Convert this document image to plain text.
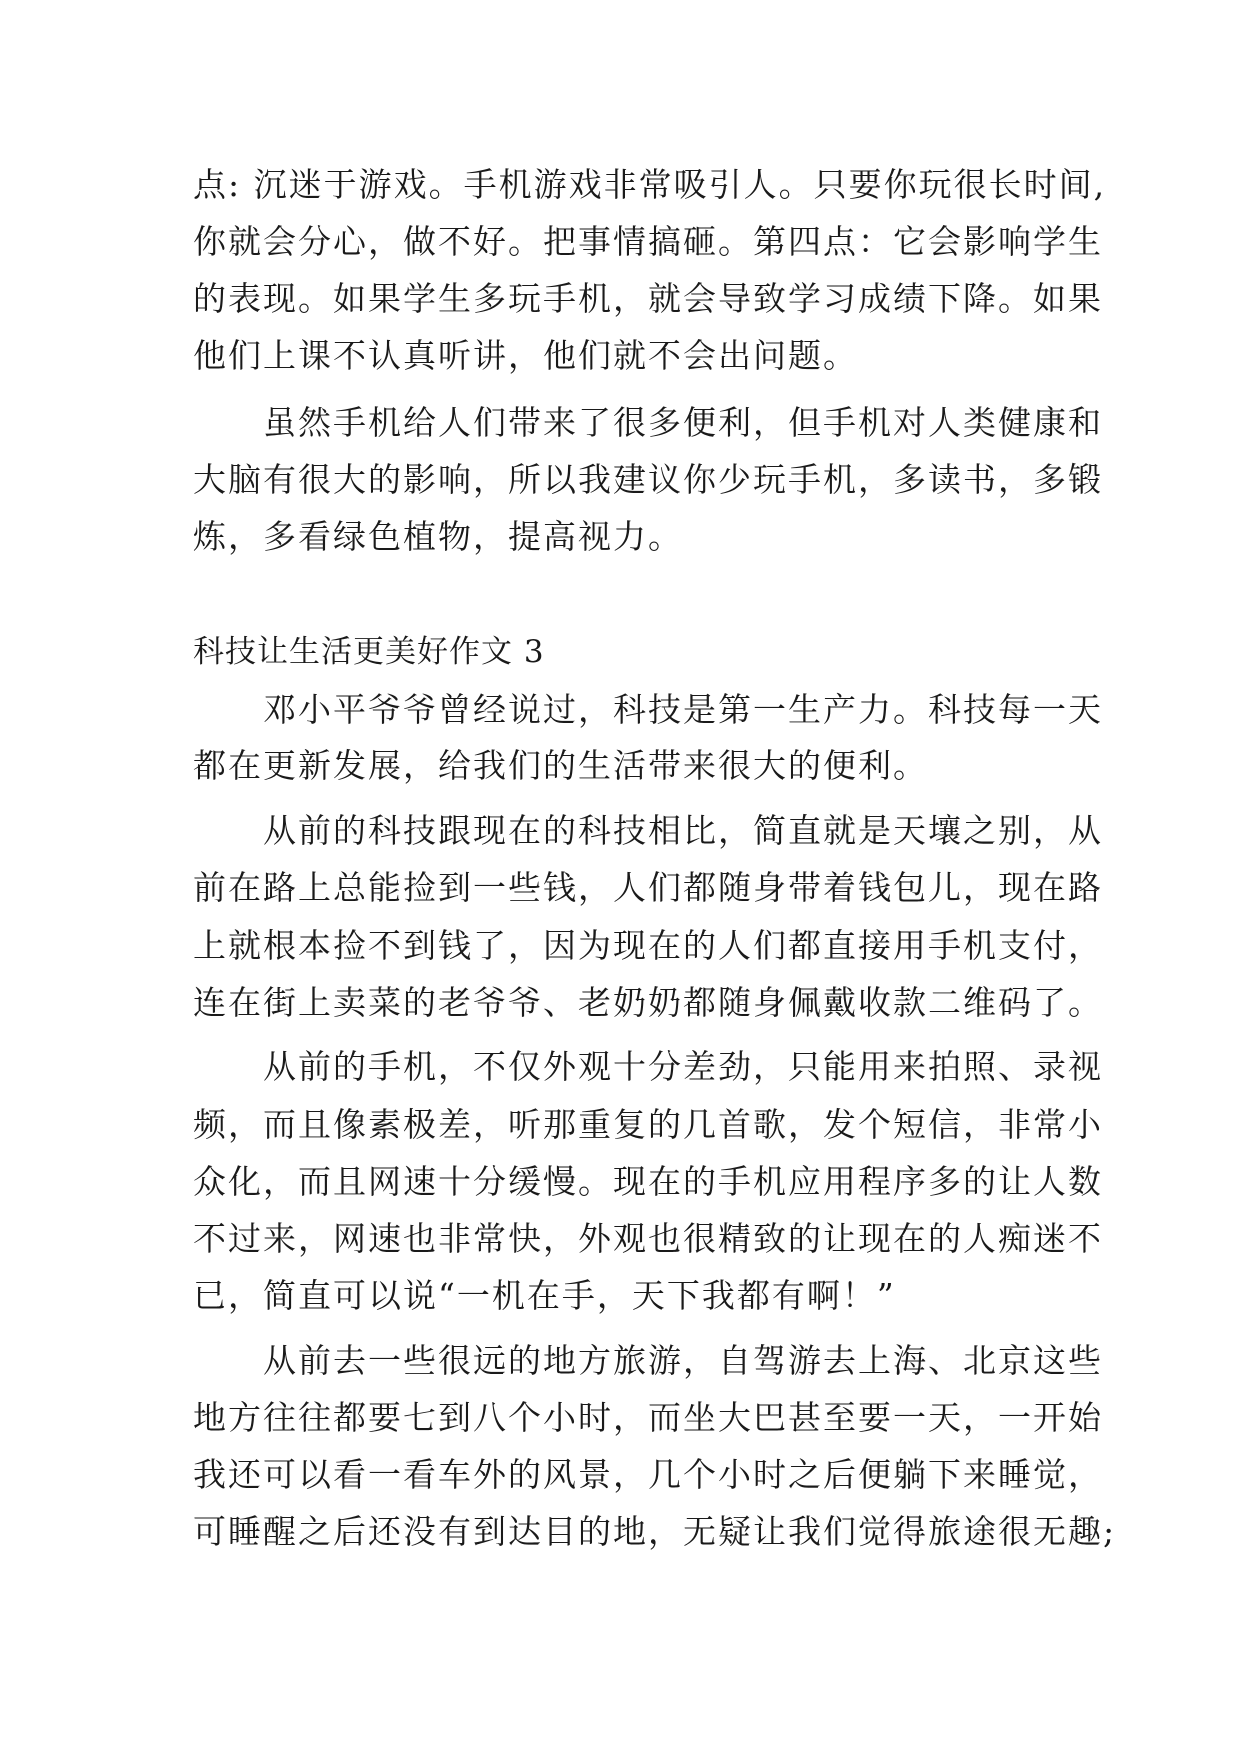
点: 沉迷于游戏。手机游戏非常吸引人。只要你玩很长时间,
你就会分心，做不好。把事情搞砸。第四点：它会影响学生
的表现。如果学生多玩手机，就会导致学习成绩下降。如果
他们上课不认真听讲，他们就不会出问题。
　　虽然手机给人们带来了很多便利，但手机对人类健康和
大脑有很大的影响，所以我建议你少玩手机，多读书，多锻
炼，多看绿色植物，提高视力。
科技让生活更美好作文 3
　　邓小平爷爷曾经说过，科技是第一生产力。科技每一天
都在更新发展，给我们的生活带来很大的便利。
　　从前的科技跟现在的科技相比，简直就是天壤之别，从
前在路上总能捡到一些钱，人们都随身带着钱包儿，现在路
上就根本捡不到钱了，因为现在的人们都直接用手机支付，
连在街上卖菜的老爷爷、老奶奶都随身佩戴收款二维码了。
　　从前的手机，不仅外观十分差劲，只能用来拍照、录视
频，而且像素极差，听那重复的几首歌，发个短信，非常小
众化，而且网速十分缓慢。现在的手机应用程序多的让人数
不过来，网速也非常快，外观也很精致的让现在的人痴迷不
已，简直可以说“一机在手，天下我都有啊！”
　　从前去一些很远的地方旅游，自驾游去上海、北京这些
地方往往都要七到八个小时，而坐大巴甚至要一天，一开始
我还可以看一看车外的风景，几个小时之后便躺下来睡觉，
可睡醒之后还没有到达目的地，无疑让我们觉得旅途很无趣;
